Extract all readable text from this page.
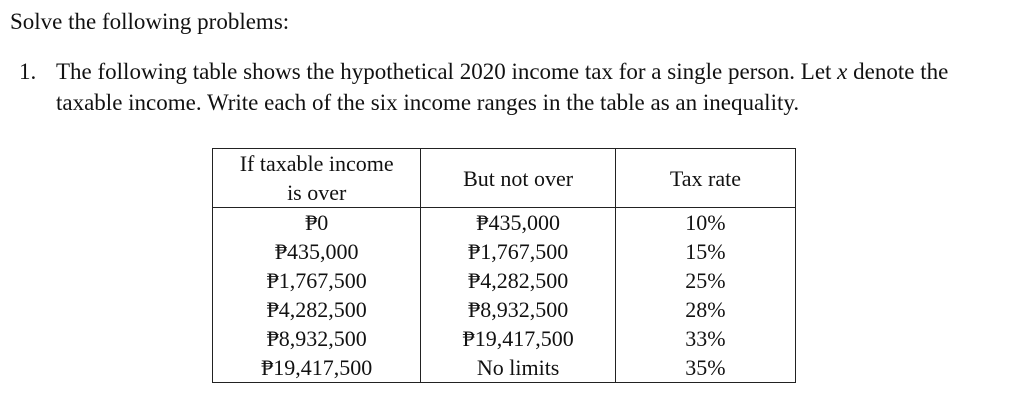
Solve the following problems:
1. The following table shows the hypothetical 2020 income tax for a single person. Let x denote the taxable income. Write each of the six income ranges in the table as an inequality.
If taxable income
is over	But not over	Tax rate
₱0	₱435,000	10%
₱435,000	₱1,767,500	15%
₱1,767,500	₱4,282,500	25%
₱4,282,500	₱8,932,500	28%
₱8,932,500	₱19,417,500	33%
₱19,417,500	No limits	35%
